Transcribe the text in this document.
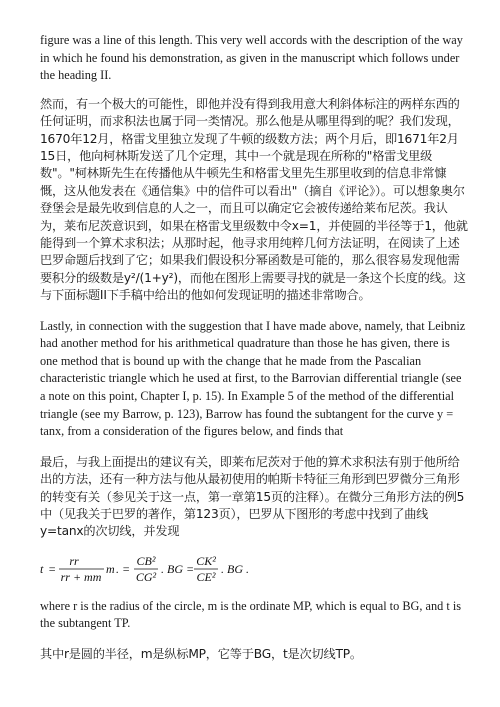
figure was a line of this length. This very well accords with the description of the way in which he found his demonstration, as given in the manuscript which follows under the heading II.

然而，有一个极大的可能性，即他并没有得到我用意大利斜体标注的两样东西的任何证明，而求积法也属于同一类情况。那么他是从哪里得到的呢？我们发现，1670年12月，格雷戈里独立发现了牛顿的级数方法；两个月后，即1671年2月15日，他向柯林斯发送了几个定理，其中一个就是现在所称的"格雷戈里级数"。"柯林斯先生在传播他从牛顿先生和格雷戈里先生那里收到的信息非常慷慨，这从他发表在《通信集》中的信件可以看出"（摘自《评论》）。可以想象奥尔登堡会是最先收到信息的人之一，而且可以确定它会被传递给莱布尼茨。我认为，莱布尼茨意识到，如果在格雷戈里级数中令x=1，并使圆的半径等于1，他就能得到一个算术求积法；从那时起，他寻求用纯粹几何方法证明，在阅读了上述巴罗命题后找到了它；如果我们假设积分幂函数是可能的，那么很容易发现他需要积分的级数是y²/(1+y²)，而他在图形上需要寻找的就是一条这个长度的线。这与下面标题II下手稿中给出的他如何发现证明的描述非常吻合。

Lastly, in connection with the suggestion that I have made above, namely, that Leibniz had another method for his arithmetical quadrature than those he has given, there is one method that is bound up with the change that he made from the Pascalian characteristic triangle which he used at first, to the Barrovian differential triangle (see a note on this point, Chapter I, p. 15). In Example 5 of the method of the differential triangle (see my Barrow, p. 123), Barrow has found the subtangent for the curve y = tanx, from a consideration of the figures below, and finds that

最后，与我上面提出的建议有关，即莱布尼茨对于他的算术求积法有别于他所给出的方法，还有一种方法与他从最初使用的帕斯卡特征三角形到巴罗微分三角形的转变有关（参见关于这一点，第一章第15页的注释）。在微分三角形方法的例5中（见我关于巴罗的著作，第123页），巴罗从下图形的考虑中找到了曲线y=tanx的次切线，并发现

t =
rr
rr + mm
m . =
CB²
CG²
. BG =
CK²
CE²
. BG .

where r is the radius of the circle, m is the ordinate MP, which is equal to BG, and t is the subtangent TP.

其中r是圆的半径，m是纵标MP，它等于BG，t是次切线TP。
